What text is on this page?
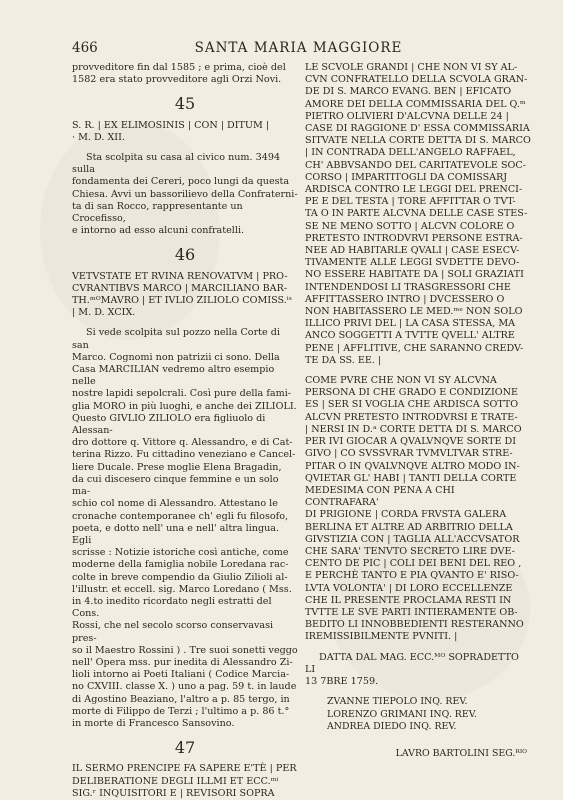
466	SANTA MARIA MAGGIORE

provveditore fin dal 1585 ; e prima, cioè del

1582 era stato provveditore agli Orzi Novi.

45

S. R. | EX ELIMOSINIS | CON | DITUM |

· M. D. XII.

Sta scolpita su casa al civico num. 3494 sulla

fondamenta dei Cereri, poco lungi da questa

Chiesa. Avvi un bassorilievo della Confraterni-

ta di san Rocco, rappresentante un Crocefisso,

e intorno ad esso alcuni confratelli.

46

VETVSTATE ET RVINA RENOVATVM | PRO-

CVRANTIBVS MARCO | MARCILIANO BAR-

TH.ᵐᴼMAVRO | ET IVLIO ZILIOLO COMISS.ⁱˢ

| M. D. XCIX.

Si vede scolpita sul pozzo nella Corte di san

Marco. Cognomi non patrizii ci sono. Della

Casa MARCILIAN vedremo altro esempio nelle

nostre lapidi sepolcrali. Così pure della fami-

glia MORO in più luoghi, e anche dei ZILIOLI.

Questo GIVLIO ZILIOLO era figliuolo di Alessan-

dro dottore q. Vittore q. Alessandro, e di Cat-

terina Rizzo. Fu cittadino veneziano e Cancel-

liere Ducale. Prese moglie Elena Bragadin,

da cui discesero cinque femmine e un solo ma-

schio col nome di Alessandro. Attestano le

cronache contemporanee ch' egli fu filosofo,

poeta, e dotto nell' una e nell' altra lingua. Egli

scrisse : Notizie istoriche così antiche, come

moderne della famiglia nobile Loredana rac-

colte in breve compendio da Giulio Zilioli al-

l'illustr. et eccell. sig. Marco Loredano ( Mss.

in 4.to inedito ricordato negli estratti del Cons.

Rossi, che nel secolo scorso conservavasi pres-

so il Maestro Rossini ) . Tre suoi sonetti veggo

nell' Opera mss. pur inedita di Alessandro Zi-

lioli intorno ai Poeti Italiani ( Codice Marcia-

no CXVIII. classe X. ) uno a pag. 59 t. in laude

di Agostino Beaziano, l'altro a p. 85 tergo, in

morte di Filippo de Terzi ; l'ultimo a p. 86 t.°

in morte di Francesco Sansovino.

47

IL SERMO PRENCIPE FA SAPERE E'TÈ | PER

DELIBERATIONE DEGLI ILLMI ET ECC.ᵐⁱ

SIG.ʳ INQUISITORI E | REVISORI SOPRA

LE SCVOLE GRANDI | CHE NON VI SY AL-

CVN CONFRATELLO DELLA SCVOLA GRAN-

DE DI S. MARCO EVANG. BEN | EFICATO

AMORE DEI DELLA COMMISSARIA DEL Q.ᵐ

PIETRO OLIVIERI D'ALCVNA DELLE 24 |

CASE DI RAGGIONE D' ESSA COMMISSARIA

SITVATE NELLA CORTE DETTA DI S. MARCO

| IN CONTRADA DELL'ANGELO RAFFAEL,

CH' ABBVSANDO DEL CARITATEVOLE SOC-

CORSO | IMPARTITOGLI DA COMISSARJ

ARDISCA CONTRO LE LEGGI DEL PRENCI-

PE E DEL TESTA | TORE AFFITTAR O TVT-

TA O IN PARTE ALCVNA DELLE CASE STES-

SE NE MENO SOTTO | ALCVN COLORE O

PRETESTO INTRODVRVI PERSONE ESTRA-

NEE AD HABITARLE QVALI | CASE ESECV-

TIVAMENTE ALLE LEGGI SVDETTE DEVO-

NO ESSERE HABITATE DA | SOLI GRAZIATI

INTENDENDOSI LI TRASGRESSORI CHE

AFFITTASSERO INTRO | DVCESSERO O

NON HABITASSERO LE MED.ᵐᵉ NON SOLO

ILLICO PRIVI DEL | LA CASA STESSA, MA

ANCO SOGGETTI A TVTTE QVELL' ALTRE

PENE | AFFLITIVE, CHE SARANNO CREDV-

TE DA SS. EE. |

COME PVRE CHE NON VI SY ALCVNA

PERSONA DI CHE GRADO E CONDIZIONE

ES | SER SI VOGLIA CHE ARDISCA SOTTO

ALCVN PRETESTO INTRODVRSI E TRATE-

| NERSI IN D.ᵃ CORTE DETTA DI S. MARCO

PER IVI GIOCAR A QVALVNQVE SORTE DI

GIVO | CO SVSSVRAR TVMVLTVAR STRE-

PITAR O IN QVALVNQVE ALTRO MODO IN-

QVIETAR GL' HABI | TANTI DELLA CORTE

MEDESIMA CON PENA A CHI CONTRAFARA'

DI PRIGIONE | CORDA FRVSTA GALERA

BERLINA ET ALTRE AD ARBITRIO DELLA

GIVSTIZIA CON | TAGLIA ALL'ACCVSATOR

CHE SARA' TENVTO SECRETO LIRE DVE-

CENTO DE PIC | COLI DEI BENI DEL REO ,

E PERCHÈ TANTO E PIA QVANTO E' RISO-

LVTA VOLONTA' | DI LORO ECCELLENZE

CHE IL PRESENTE PROCLAMA RESTI IN

TVTTE LE SVE PARTI INTIERAMENTE OB-

BEDITO LI INNOBBEDIENTI RESTERANNO

IREMISSIBILMENTE PVNITI. |

DATTA DAL MAG. ECC.ᴹᴼ SOPRADETTO LI

13 7BRE 1759.

ZVANNE TIEPOLO INQ. REV.

LORENZO GRIMANI INQ. REV.

ANDREA DIEDO INQ. REV.

LAVRO BARTOLINI SEG.ᴿᴵᴼ
